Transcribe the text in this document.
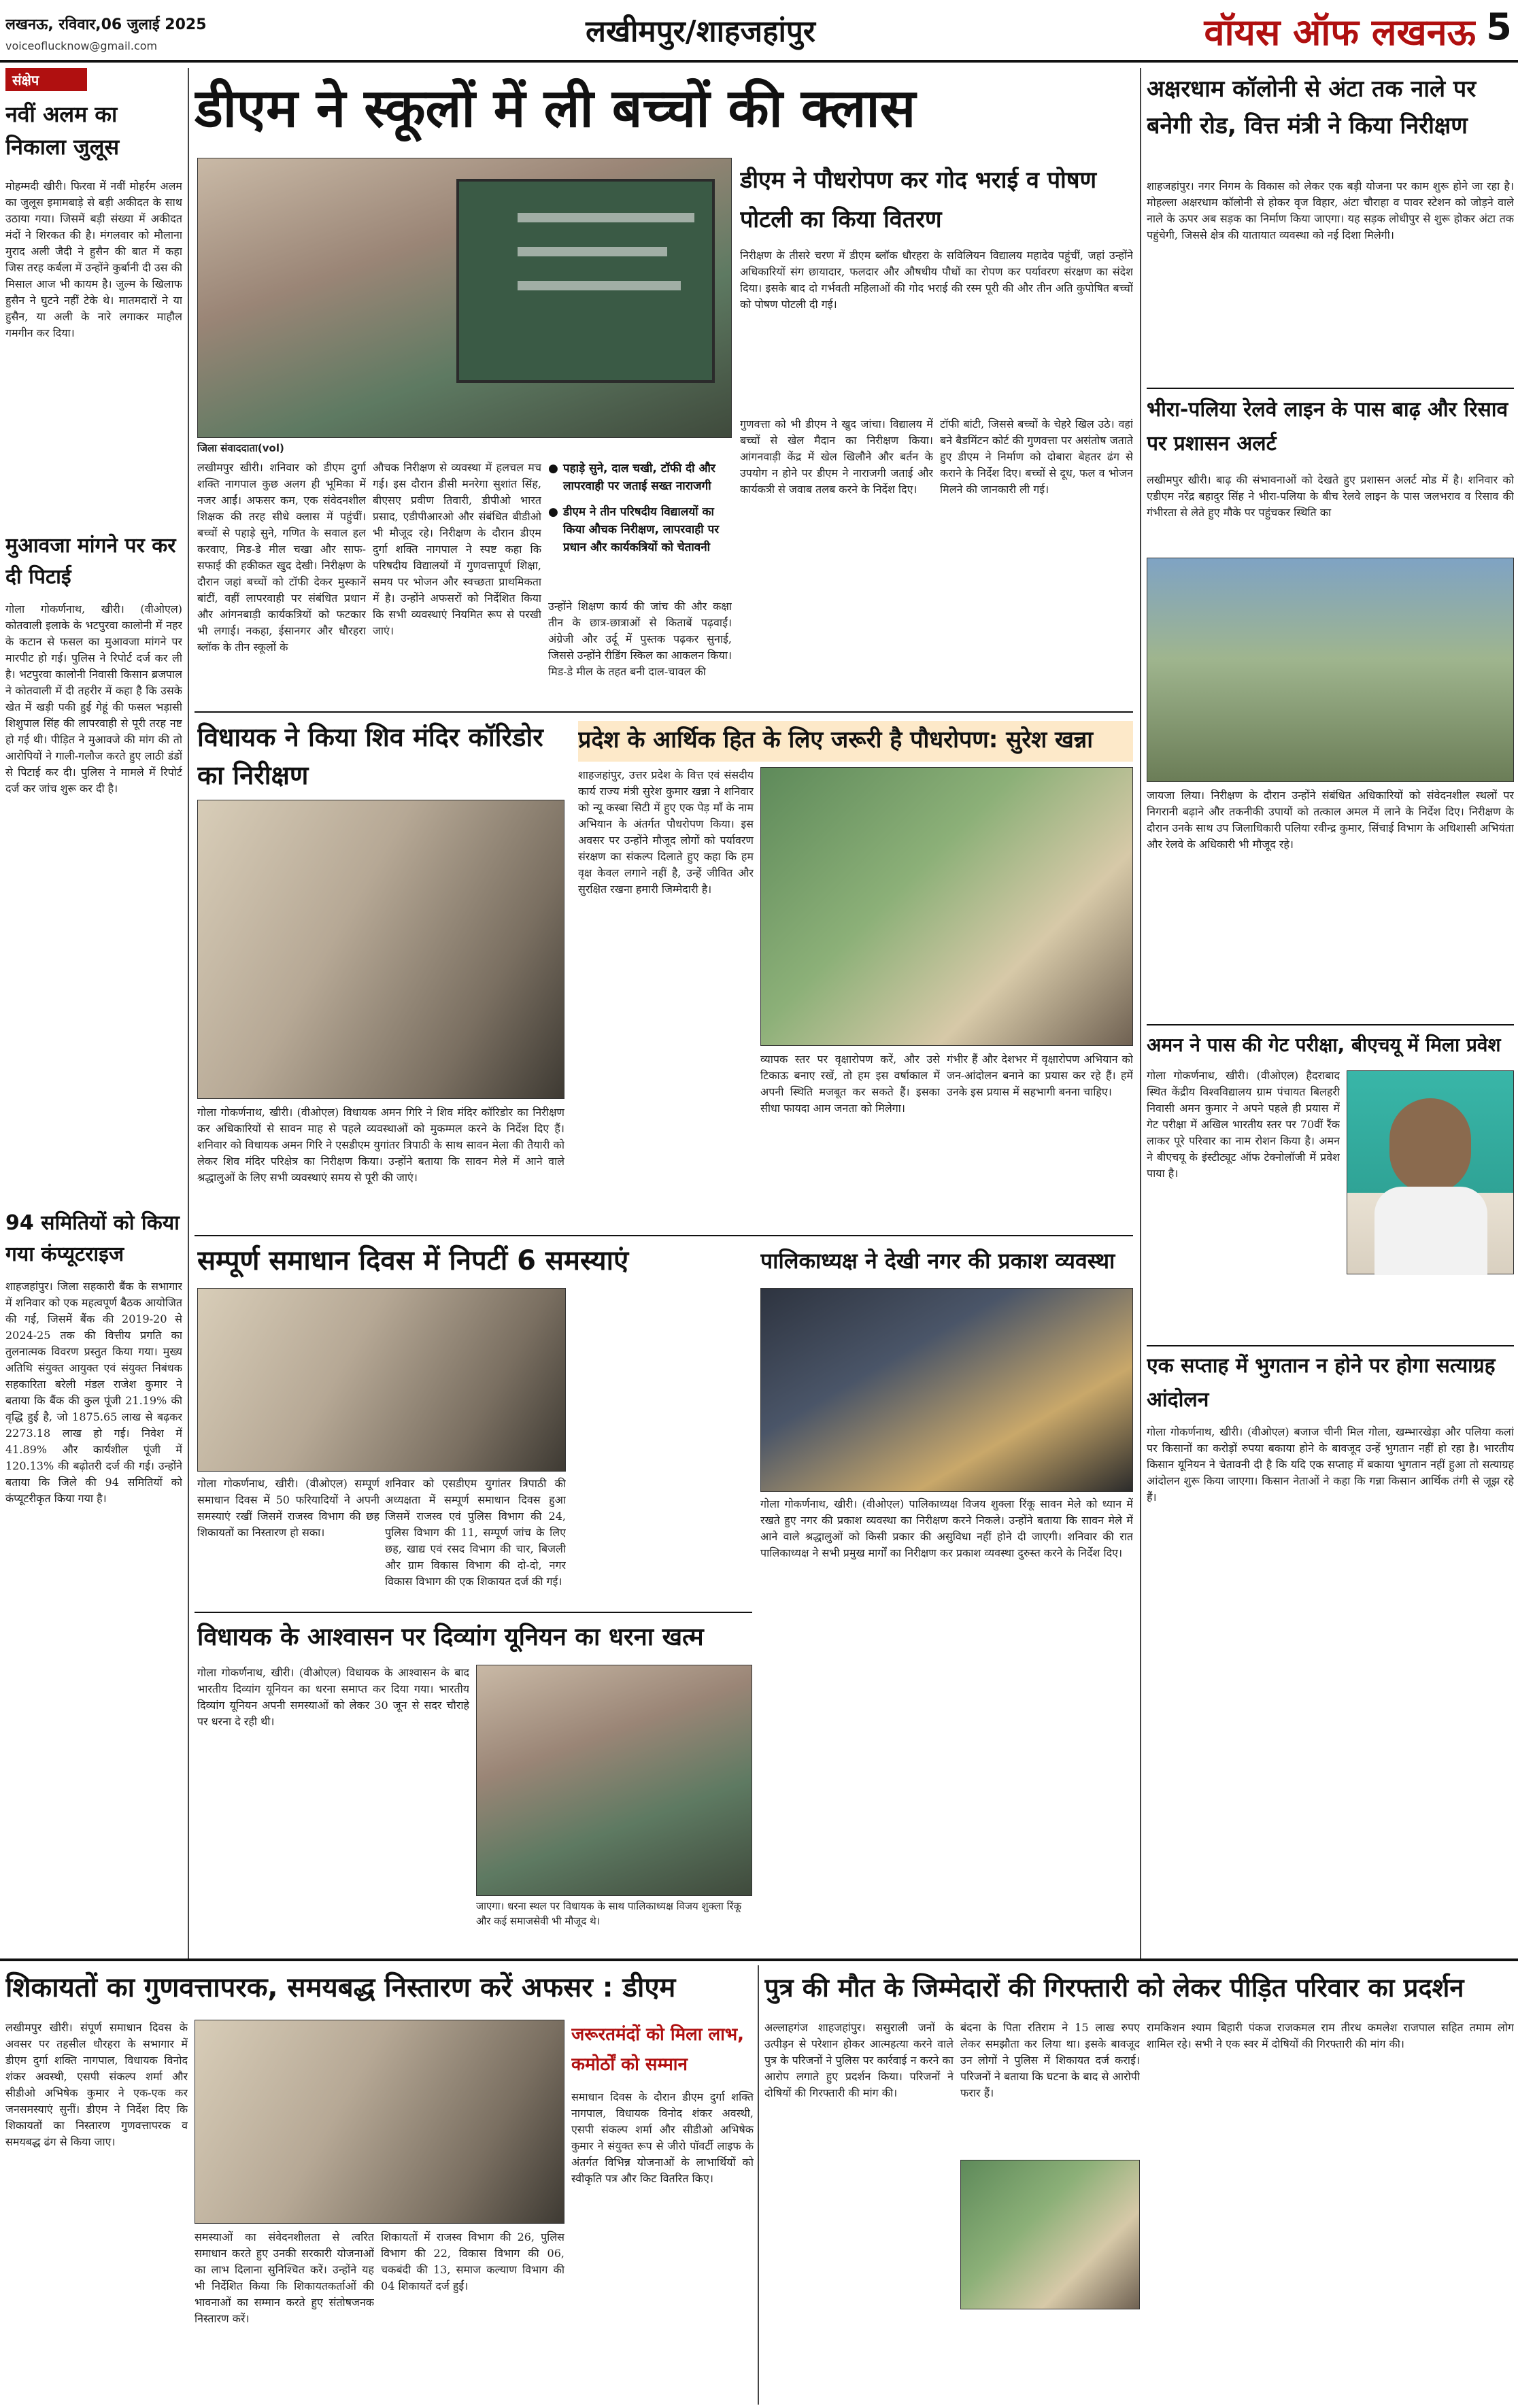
लखनऊ, रविवार,06 जुलाई 2025
voiceoflucknow@gmail.com	लखीमपुर/शाहजहांपुर	वॉयस ऑफ लखनऊ 5
संक्षेप
नवीं अलम का निकाला जुलूस
मोहम्मदी खीरी। फिरवा में नवीं मोहर्रम अलम का जुलूस इमामबाड़े से बड़ी अकीदत के साथ उठाया गया। जिसमें बड़ी संख्या में अकीदत मंदों ने शिरकत की है। मंगलवार को मौलाना मुराद अली जैदी ने हुसैन की बात में कहा जिस तरह कर्बला में उन्होंने कुर्बानी दी उस की मिसाल आज भी कायम है। जुल्म के खिलाफ हुसैन ने घुटने नहीं टेके थे। मातमदारों ने या हुसैन, या अली के नारे लगाकर माहौल गमगीन कर दिया।
मुआवजा मांगने पर कर दी पिटाई
गोला गोकर्णनाथ, खीरी। (वीओएल) कोतवाली इलाके के भटपुरवा कालोनी में नहर के कटान से फसल का मुआवजा मांगने पर मारपीट हो गई। पुलिस ने रिपोर्ट दर्ज कर ली है। भटपुरवा कालोनी निवासी किसान ब्रजपाल ने कोतवाली में दी तहरीर में कहा है कि उसके खेत में खड़ी पकी हुई गेहूं की फसल भड़ासी शिशुपाल सिंह की लापरवाही से पूरी तरह नष्ट हो गई थी। पीड़ित ने मुआवजे की मांग की तो आरोपियों ने गाली-गलौज करते हुए लाठी डंडों से पिटाई कर दी। पुलिस ने मामले में रिपोर्ट दर्ज कर जांच शुरू कर दी है।
94 समितियों को किया गया कंप्यूटराइज
शाहजहांपुर। जिला सहकारी बैंक के सभागार में शनिवार को एक महत्वपूर्ण बैठक आयोजित की गई, जिसमें बैंक की 2019-20 से 2024-25 तक की वित्तीय प्रगति का तुलनात्मक विवरण प्रस्तुत किया गया। मुख्य अतिथि संयुक्त आयुक्त एवं संयुक्त निबंधक सहकारिता बरेली मंडल राजेश कुमार ने बताया कि बैंक की कुल पूंजी 21.19% की वृद्धि हुई है, जो 1875.65 लाख से बढ़कर 2273.18 लाख हो गई। निवेश में 41.89% और कार्यशील पूंजी में 120.13% की बढ़ोतरी दर्ज की गई। उन्होंने बताया कि जिले की 94 समितियों को कंप्यूटरीकृत किया गया है।
डीएम ने स्कूलों में ली बच्चों की क्लास
जिला संवाददाता(vol)
लखीमपुर खीरी। शनिवार को डीएम दुर्गा शक्ति नागपाल कुछ अलग ही भूमिका में नजर आईं। अफसर कम, एक संवेदनशील शिक्षक की तरह सीधे क्लास में पहुंचीं। बच्चों से पहाड़े सुने, गणित के सवाल हल करवाए, मिड-डे मील चखा और साफ-सफाई की हकीकत खुद देखी। निरीक्षण के दौरान जहां बच्चों को टॉफी देकर मुस्कानें बांटीं, वहीं लापरवाही पर संबंधित प्रधान और आंगनबाड़ी कार्यकत्रियों को फटकार भी लगाई। नकहा, ईसानगर और धौरहरा ब्लॉक के तीन स्कूलों के
औचक निरीक्षण से व्यवस्था में हलचल मच गई। इस दौरान डीसी मनरेगा सुशांत सिंह, बीएसए प्रवीण तिवारी, डीपीओ भारत प्रसाद, एडीपीआरओ और संबंधित बीडीओ भी मौजूद रहे। निरीक्षण के दौरान डीएम दुर्गा शक्ति नागपाल ने स्पष्ट कहा कि परिषदीय विद्यालयों में गुणवत्तापूर्ण शिक्षा, समय पर भोजन और स्वच्छता प्राथमिकता में है। उन्होंने अफसरों को निर्देशित किया कि सभी व्यवस्थाएं नियमित रूप से परखी जाएं।
● पहाड़े सुने, दाल चखी, टॉफी दी और लापरवाही पर जताई सख्त नाराजगी
● डीएम ने तीन परिषदीय विद्यालयों का किया औचक निरीक्षण, लापरवाही पर प्रधान और कार्यकत्रियों को चेतावनी
उन्होंने शिक्षण कार्य की जांच की और कक्षा तीन के छात्र-छात्राओं से किताबें पढ़वाईं। अंग्रेजी और उर्दू में पुस्तक पढ़कर सुनाई, जिससे उन्होंने रीडिंग स्किल का आकलन किया। मिड-डे मील के तहत बनी दाल-चावल की
डीएम ने पौधरोपण कर गोद भराई व पोषण पोटली का किया वितरण
निरीक्षण के तीसरे चरण में डीएम ब्लॉक धौरहरा के सविलियन विद्यालय महादेव पहुंचीं, जहां उन्होंने अधिकारियों संग छायादार, फलदार और औषधीय पौधों का रोपण कर पर्यावरण संरक्षण का संदेश दिया। इसके बाद दो गर्भवती महिलाओं की गोद भराई की रस्म पूरी की और तीन अति कुपोषित बच्चों को पोषण पोटली दी गई।
गुणवत्ता को भी डीएम ने खुद जांचा। विद्यालय में बच्चों से खेल मैदान का निरीक्षण किया। आंगनवाड़ी केंद्र में खेल खिलौने और बर्तन के उपयोग न होने पर डीएम ने नाराजगी जताई और कार्यकत्री से जवाब तलब करने के निर्देश दिए।
टॉफी बांटी, जिससे बच्चों के चेहरे खिल उठे। वहां बने बैडमिंटन कोर्ट की गुणवत्ता पर असंतोष जताते हुए डीएम ने निर्माण को दोबारा बेहतर ढंग से कराने के निर्देश दिए। बच्चों से दूध, फल व भोजन मिलने की जानकारी ली गई।
विधायक ने किया शिव मंदिर कॉरिडोर का निरीक्षण
गोला गोकर्णनाथ, खीरी। (वीओएल) विधायक अमन गिरि ने शिव मंदिर कॉरिडोर का निरीक्षण कर अधिकारियों से सावन माह से पहले व्यवस्थाओं को मुकम्मल करने के निर्देश दिए हैं। शनिवार को विधायक अमन गिरि ने एसडीएम युगांतर त्रिपाठी के साथ सावन मेला की तैयारी को लेकर शिव मंदिर परिक्षेत्र का निरीक्षण किया। उन्होंने बताया कि सावन मेले में आने वाले श्रद्धालुओं के लिए सभी व्यवस्थाएं समय से पूरी की जाएं।
प्रदेश के आर्थिक हित के लिए जरूरी है पौधरोपण: सुरेश खन्ना
शाहजहांपुर, उत्तर प्रदेश के वित्त एवं संसदीय कार्य राज्य मंत्री सुरेश कुमार खन्ना ने शनिवार को न्यू कस्बा सिटी में हुए एक पेड़ माँ के नाम अभियान के अंतर्गत पौधरोपण किया। इस अवसर पर उन्होंने मौजूद लोगों को पर्यावरण संरक्षण का संकल्प दिलाते हुए कहा कि हम वृक्ष केवल लगाने नहीं है, उन्हें जीवित और सुरक्षित रखना हमारी जिम्मेदारी है।
व्यापक स्तर पर वृक्षारोपण करें, और उसे टिकाऊ बनाए रखें, तो हम इस वर्षाकाल में अपनी स्थिति मजबूत कर सकते हैं। इसका सीधा फायदा आम जनता को मिलेगा।
गंभीर हैं और देशभर में वृक्षारोपण अभियान को जन-आंदोलन बनाने का प्रयास कर रहे हैं। हमें उनके इस प्रयास में सहभागी बनना चाहिए।
सम्पूर्ण समाधान दिवस में निपटीं 6 समस्याएं
गोला गोकर्णनाथ, खीरी। (वीओएल) सम्पूर्ण समाधान दिवस में 50 फरियादियों ने अपनी समस्याएं रखीं जिसमें राजस्व विभाग की छह शिकायतों का निस्तारण हो सका।
शनिवार को एसडीएम युगांतर त्रिपाठी की अध्यक्षता में सम्पूर्ण समाधान दिवस हुआ जिसमें राजस्व एवं पुलिस विभाग की 24, पुलिस विभाग की 11, सम्पूर्ण जांच के लिए छह, खाद्य एवं रसद विभाग की चार, बिजली और ग्राम विकास विभाग की दो-दो, नगर विकास विभाग की एक शिकायत दर्ज की गई।
पालिकाध्यक्ष ने देखी नगर की प्रकाश व्यवस्था
गोला गोकर्णनाथ, खीरी। (वीओएल) पालिकाध्यक्ष विजय शुक्ला रिंकू सावन मेले को ध्यान में रखते हुए नगर की प्रकाश व्यवस्था का निरीक्षण करने निकले। उन्होंने बताया कि सावन मेले में आने वाले श्रद्धालुओं को किसी प्रकार की असुविधा नहीं होने दी जाएगी। शनिवार की रात पालिकाध्यक्ष ने सभी प्रमुख मार्गों का निरीक्षण कर प्रकाश व्यवस्था दुरुस्त करने के निर्देश दिए।
विधायक के आश्वासन पर दिव्यांग यूनियन का धरना खत्म
गोला गोकर्णनाथ, खीरी। (वीओएल) विधायक के आश्वासन के बाद भारतीय दिव्यांग यूनियन का धरना समाप्त कर दिया गया। भारतीय दिव्यांग यूनियन अपनी समस्याओं को लेकर 30 जून से सदर चौराहे पर धरना दे रही थी।
जाएगा। धरना स्थल पर विधायक के साथ पालिकाध्यक्ष विजय शुक्ला रिंकू और कई समाजसेवी भी मौजूद थे।
अक्षरधाम कॉलोनी से अंटा तक नाले पर बनेगी रोड, वित्त मंत्री ने किया निरीक्षण
शाहजहांपुर। नगर निगम के विकास को लेकर एक बड़ी योजना पर काम शुरू होने जा रहा है। मोहल्ला अक्षरधाम कॉलोनी से होकर वृज विहार, अंटा चौराहा व पावर स्टेशन को जोड़ने वाले नाले के ऊपर अब सड़क का निर्माण किया जाएगा। यह सड़क लोधीपुर से शुरू होकर अंटा तक पहुंचेगी, जिससे क्षेत्र की यातायात व्यवस्था को नई दिशा मिलेगी।
भीरा-पलिया रेलवे लाइन के पास बाढ़ और रिसाव पर प्रशासन अलर्ट
लखीमपुर खीरी। बाढ़ की संभावनाओं को देखते हुए प्रशासन अलर्ट मोड में है। शनिवार को एडीएम नरेंद्र बहादुर सिंह ने भीरा-पलिया के बीच रेलवे लाइन के पास जलभराव व रिसाव की गंभीरता से लेते हुए मौके पर पहुंचकर स्थिति का
जायजा लिया। निरीक्षण के दौरान उन्होंने संबंधित अधिकारियों को संवेदनशील स्थलों पर निगरानी बढ़ाने और तकनीकी उपायों को तत्काल अमल में लाने के निर्देश दिए। निरीक्षण के दौरान उनके साथ उप जिलाधिकारी पलिया रवीन्द्र कुमार, सिंचाई विभाग के अधिशासी अभियंता और रेलवे के अधिकारी भी मौजूद रहे।
अमन ने पास की गेट परीक्षा, बीएचयू में मिला प्रवेश
गोला गोकर्णनाथ, खीरी। (वीओएल) हैदराबाद स्थित केंद्रीय विश्वविद्यालय ग्राम पंचायत बिलहरी निवासी अमन कुमार ने अपने पहले ही प्रयास में गेट परीक्षा में अखिल भारतीय स्तर पर 70वीं रैंक लाकर पूरे परिवार का नाम रोशन किया है। अमन ने बीएचयू के इंस्टीट्यूट ऑफ टेक्नोलॉजी में प्रवेश पाया है।
एक सप्ताह में भुगतान न होने पर होगा सत्याग्रह आंदोलन
गोला गोकर्णनाथ, खीरी। (वीओएल) बजाज चीनी मिल गोला, खम्भारखेड़ा और पलिया कलां पर किसानों का करोड़ों रुपया बकाया होने के बावजूद उन्हें भुगतान नहीं हो रहा है। भारतीय किसान यूनियन ने चेतावनी दी है कि यदि एक सप्ताह में बकाया भुगतान नहीं हुआ तो सत्याग्रह आंदोलन शुरू किया जाएगा। किसान नेताओं ने कहा कि गन्ना किसान आर्थिक तंगी से जूझ रहे हैं।
शिकायतों का गुणवत्तापरक, समयबद्ध निस्तारण करें अफसर : डीएम
लखीमपुर खीरी। संपूर्ण समाधान दिवस के अवसर पर तहसील धौरहरा के सभागार में डीएम दुर्गा शक्ति नागपाल, विधायक विनोद शंकर अवस्थी, एसपी संकल्प शर्मा और सीडीओ अभिषेक कुमार ने एक-एक कर जनसमस्याएं सुनीं। डीएम ने निर्देश दिए कि शिकायतों का निस्तारण गुणवत्तापरक व समयबद्ध ढंग से किया जाए।
समस्याओं का संवेदनशीलता से त्वरित समाधान करते हुए उनकी सरकारी योजनाओं का लाभ दिलाना सुनिश्चित करें। उन्होंने यह भी निर्देशित किया कि शिकायतकर्ताओं की भावनाओं का सम्मान करते हुए संतोषजनक निस्तारण करें।
शिकायतों में राजस्व विभाग की 26, पुलिस विभाग की 22, विकास विभाग की 06, चकबंदी की 13, समाज कल्याण विभाग की 04 शिकायतें दर्ज हुईं।
जरूरतमंदों को मिला लाभ, कमोर्ठों को सम्मान
समाधान दिवस के दौरान डीएम दुर्गा शक्ति नागपाल, विधायक विनोद शंकर अवस्थी, एसपी संकल्प शर्मा और सीडीओ अभिषेक कुमार ने संयुक्त रूप से जीरो पॉवर्टी लाइफ के अंतर्गत विभिन्न योजनाओं के लाभार्थियों को स्वीकृति पत्र और किट वितरित किए।
पुत्र की मौत के जिम्मेदारों की गिरफ्तारी को लेकर पीड़ित परिवार का प्रदर्शन
अल्लाहगंज शाहजहांपुर। ससुराली जनों के उत्पीड़न से परेशान होकर आत्महत्या करने वाले पुत्र के परिजनों ने पुलिस पर कार्रवाई न करने का आरोप लगाते हुए प्रदर्शन किया। परिजनों ने दोषियों की गिरफ्तारी की मांग की।
बंदना के पिता रतिराम ने 15 लाख रुपए लेकर समझौता कर लिया था। इसके बावजूद उन लोगों ने पुलिस में शिकायत दर्ज कराई। परिजनों ने बताया कि घटना के बाद से आरोपी फरार हैं।
रामकिशन श्याम बिहारी पंकज राजकमल राम तीरथ कमलेश राजपाल सहित तमाम लोग शामिल रहे। सभी ने एक स्वर में दोषियों की गिरफ्तारी की मांग की।
